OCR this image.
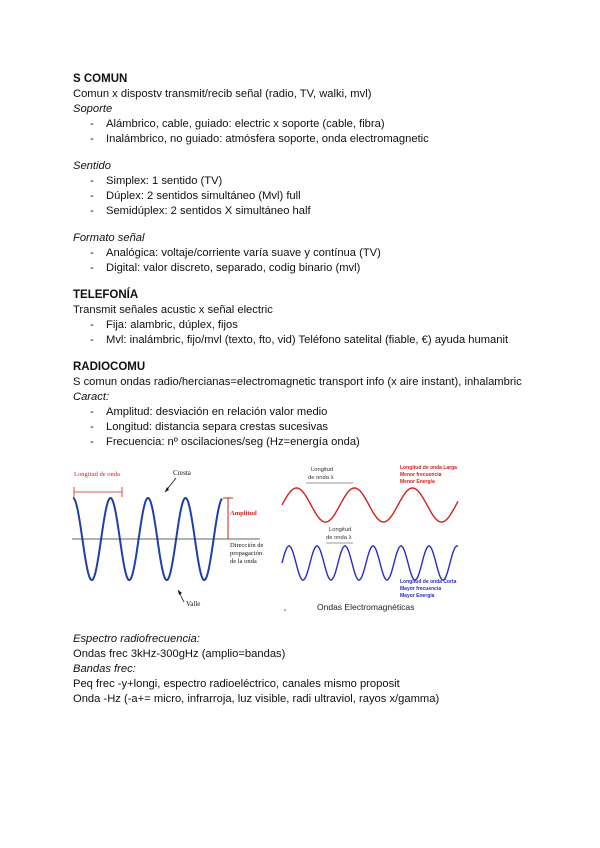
S COMUN
Comun x dispostv transmit/recib señal (radio, TV, walki, mvl)
Soporte
- Alámbrico, cable, guiado: electric x soporte (cable, fibra)
- Inalámbrico, no guiado: atmósfera soporte, onda electromagnetic
Sentido
- Simplex: 1 sentido (TV)
- Dúplex: 2 sentidos simultáneo (Mvl) full
- Semidúplex: 2 sentidos X simultáneo half
Formato señal
- Analógica: voltaje/corriente varía suave y contínua (TV)
- Digital: valor discreto, separado, codig binario (mvl)
TELEFONÍA
Transmit señales acustic x señal electric
- Fija: alambric, dúplex, fijos
- Mvl: inalámbric, fijo/mvl (texto, fto, vid) Teléfono satelital (fiable, €) ayuda humanit
RADIOCOMU
S comun ondas radio/hercianas=electromagnetic transport info (x aire instant), inhalambric
Caract:
- Amplitud: desviación en relación valor medio
- Longitud: distancia separa crestas sucesivas
- Frecuencia: nº oscilaciones/seg (Hz=energía onda)
Longitud de onda	Cresta
Amplitud
Dirección de
propagación
de la onda
Valle
Longitud
de onda λ
Longitud
de onda λ
Longitud de onda Larga
Menor frecuencia
Menor Energía
Longitud de onda Corta
Mayor frecuencia
Mayor Energía
Ondas Electromagnéticas
Espectro radiofrecuencia:
Ondas frec 3kHz-300gHz (amplio=bandas)
Bandas frec:
Peq frec -y+longi, espectro radioeléctrico, canales mismo proposit
Onda -Hz (-a+= micro, infrarroja, luz visible, radi ultraviol, rayos x/gamma)
